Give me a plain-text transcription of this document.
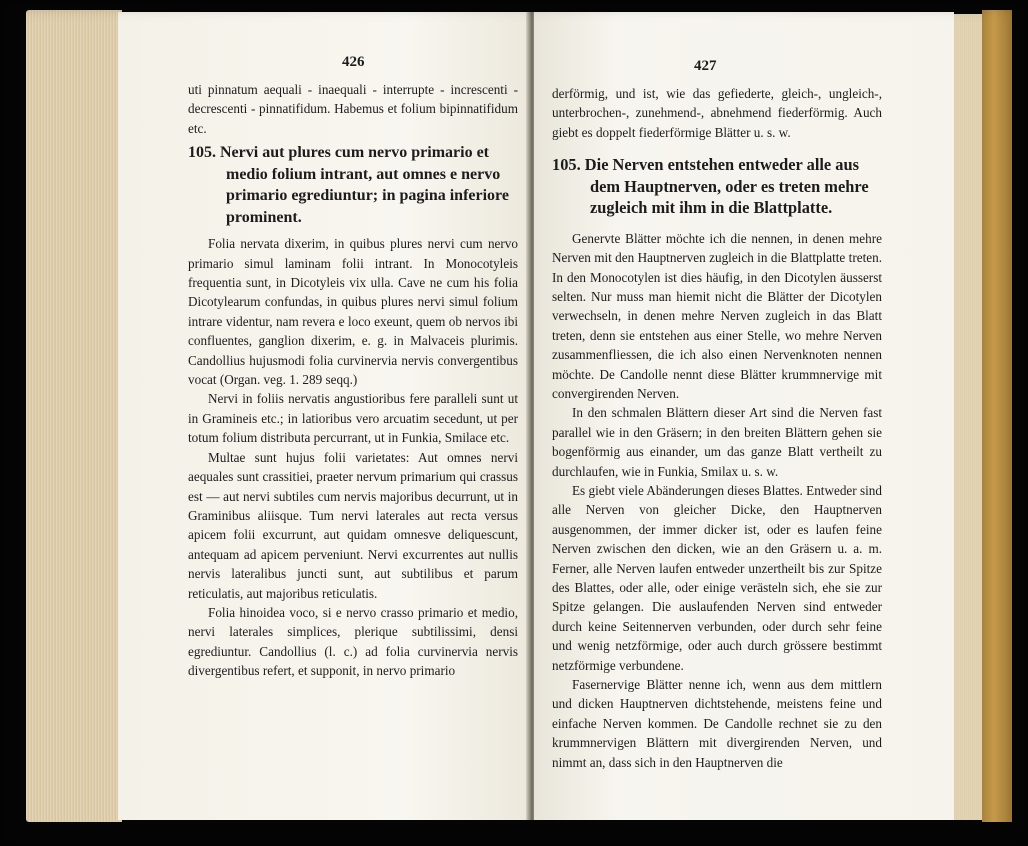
426

uti pinnatum aequali - inaequali - interrupte - increscenti - decrescenti - pinnatifidum. Habemus et folium bipinnatifidum etc.

105. Nervi aut plures cum nervo primario et medio folium intrant, aut omnes e nervo primario egrediuntur; in pagina inferiore prominent.

Folia nervata dixerim, in quibus plures nervi cum nervo primario simul laminam folii intrant. In Monocotyleis frequentia sunt, in Dicotyleis vix ulla. Cave ne cum his folia Dicotylearum confundas, in quibus plures nervi simul folium intrare videntur, nam revera e loco exeunt, quem ob nervos ibi confluentes, ganglion dixerim, e. g. in Malvaceis plurimis. Candollius hujusmodi folia curvinervia nervis convergentibus vocat (Organ. veg. 1. 289 seqq.)

Nervi in foliis nervatis angustioribus fere paralleli sunt ut in Gramineis etc.; in latioribus vero arcuatim secedunt, ut per totum folium distributa percurrant, ut in Funkia, Smilace etc.

Multae sunt hujus folii varietates: Aut omnes nervi aequales sunt crassitiei, praeter nervum primarium qui crassus est — aut nervi subtiles cum nervis majoribus decurrunt, ut in Graminibus aliisque. Tum nervi laterales aut recta versus apicem folii excurrunt, aut quidam omnesve deliquescunt, antequam ad apicem perveniunt. Nervi excurrentes aut nullis nervis lateralibus juncti sunt, aut subtilibus et parum reticulatis, aut majoribus reticulatis.

Folia hinoidea voco, si e nervo crasso primario et medio, nervi laterales simplices, plerique subtilissimi, densi egrediuntur. Candollius (l. c.) ad folia curvinervia nervis divergentibus refert, et supponit, in nervo primario

427

derförmig, und ist, wie das gefiederte, gleich-, ungleich-, unterbrochen-, zunehmend-, abnehmend fiederförmig. Auch giebt es doppelt fiederförmige Blätter u. s. w.

105. Die Nerven entstehen entweder alle aus dem Hauptnerven, oder es treten mehre zugleich mit ihm in die Blattplatte.

Genervte Blätter möchte ich die nennen, in denen mehre Nerven mit den Hauptnerven zugleich in die Blattplatte treten. In den Monocotylen ist dies häufig, in den Dicotylen äusserst selten. Nur muss man hiemit nicht die Blätter der Dicotylen verwechseln, in denen mehre Nerven zugleich in das Blatt treten, denn sie entstehen aus einer Stelle, wo mehre Nerven zusammenfliessen, die ich also einen Nervenknoten nennen möchte. De Candolle nennt diese Blätter krummnervige mit convergirenden Nerven.

In den schmalen Blättern dieser Art sind die Nerven fast parallel wie in den Gräsern; in den breiten Blättern gehen sie bogenförmig aus einander, um das ganze Blatt vertheilt zu durchlaufen, wie in Funkia, Smilax u. s. w.

Es giebt viele Abänderungen dieses Blattes. Entweder sind alle Nerven von gleicher Dicke, den Hauptnerven ausgenommen, der immer dicker ist, oder es laufen feine Nerven zwischen den dicken, wie an den Gräsern u. a. m. Ferner, alle Nerven laufen entweder unzertheilt bis zur Spitze des Blattes, oder alle, oder einige verästeln sich, ehe sie zur Spitze gelangen. Die auslaufenden Nerven sind entweder durch keine Seitennerven verbunden, oder durch sehr feine und wenig netzförmige, oder auch durch grössere bestimmt netzförmige verbundene.

Fasernervige Blätter nenne ich, wenn aus dem mittlern und dicken Hauptnerven dichtstehende, meistens feine und einfache Nerven kommen. De Candolle rechnet sie zu den krummnervigen Blättern mit divergirenden Nerven, und nimmt an, dass sich in den Hauptnerven die
